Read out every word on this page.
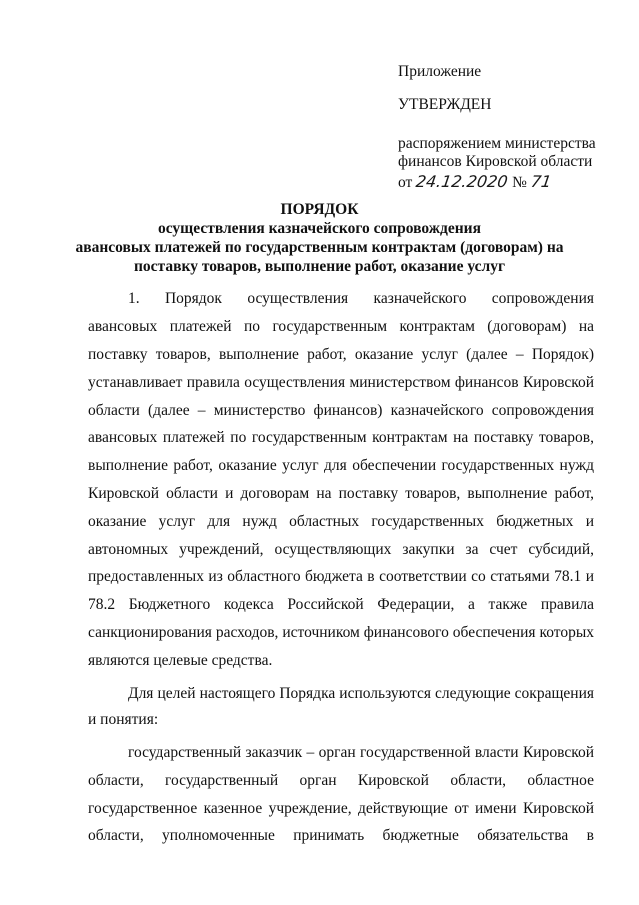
Приложение
УТВЕРЖДЕН
распоряжением министерства
финансов Кировской области
от 24.12.2020 № 71
ПОРЯДОК
осуществления казначейского сопровождения
авансовых платежей по государственным контрактам (договорам) на
поставку товаров, выполнение работ, оказание услуг
1. Порядок осуществления казначейского сопровождения
авансовых платежей по государственным контрактам (договорам) на
поставку товаров, выполнение работ, оказание услуг (далее – Порядок)
устанавливает правила осуществления министерством финансов Кировской
области (далее – министерство финансов) казначейского сопровождения
авансовых платежей по государственным контрактам на поставку товаров,
выполнение работ, оказание услуг для обеспечении государственных нужд
Кировской области и договорам на поставку товаров, выполнение работ,
оказание услуг для нужд областных государственных бюджетных и
автономных учреждений, осуществляющих закупки за счет субсидий,
предоставленных из областного бюджета в соответствии со статьями 78.1 и
78.2 Бюджетного кодекса Российской Федерации, а также правила
санкционирования расходов, источником финансового обеспечения которых
являются целевые средства.
Для целей настоящего Порядка используются следующие сокращения
и понятия:
государственный заказчик – орган государственной власти Кировской
области, государственный орган Кировской области, областное
государственное казенное учреждение, действующие от имени Кировской
области, уполномоченные принимать бюджетные обязательства в
